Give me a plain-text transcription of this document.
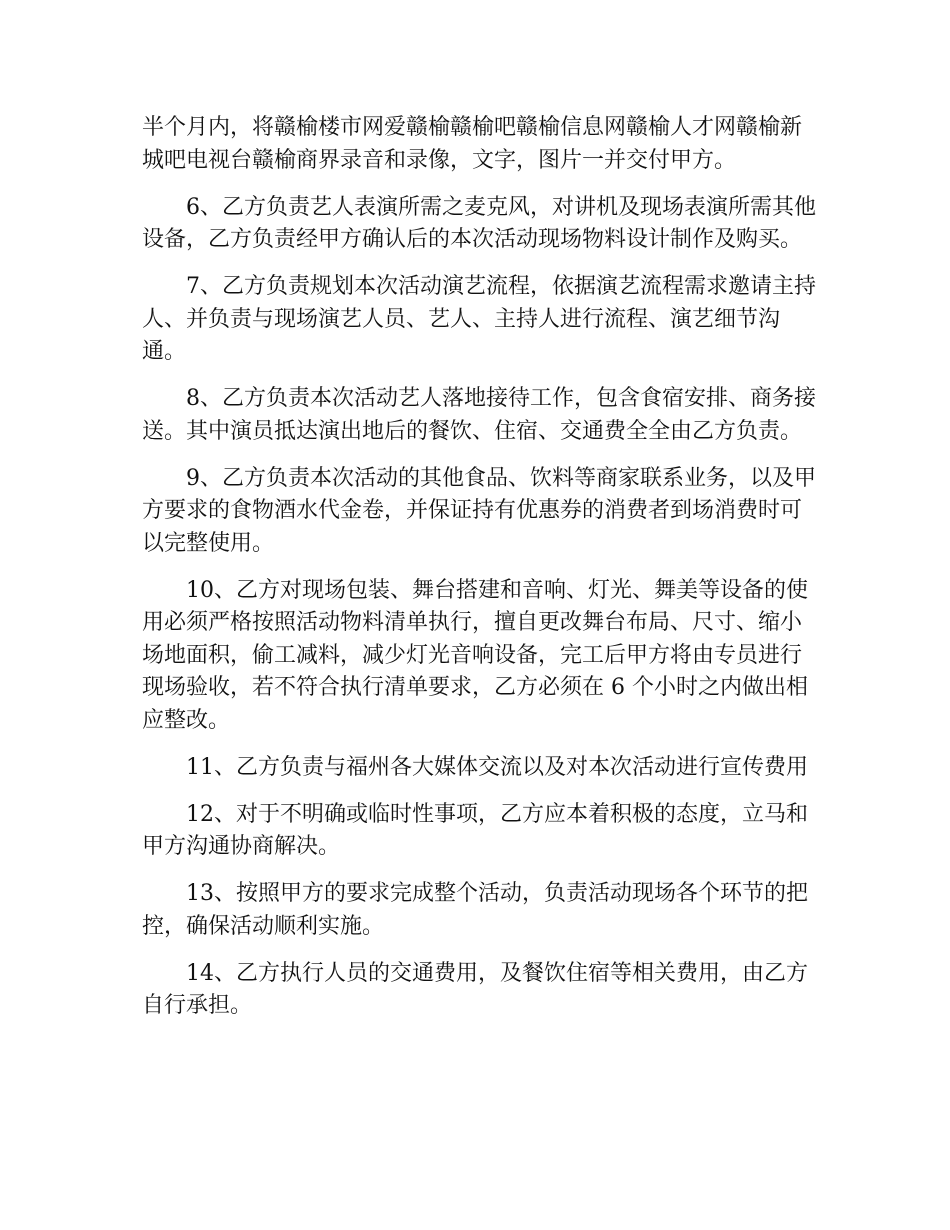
半个月内，将赣榆楼市网爱赣榆赣榆吧赣榆信息网赣榆人才网赣榆新城吧电视台赣榆商界录音和录像，文字，图片一并交付甲方。

6、乙方负责艺人表演所需之麦克风，对讲机及现场表演所需其他设备，乙方负责经甲方确认后的本次活动现场物料设计制作及购买。

7、乙方负责规划本次活动演艺流程，依据演艺流程需求邀请主持人、并负责与现场演艺人员、艺人、主持人进行流程、演艺细节沟通。

8、乙方负责本次活动艺人落地接待工作，包含食宿安排、商务接送。其中演员抵达演出地后的餐饮、住宿、交通费全全由乙方负责。

9、乙方负责本次活动的其他食品、饮料等商家联系业务，以及甲方要求的食物酒水代金卷，并保证持有优惠券的消费者到场消费时可以完整使用。

10、乙方对现场包装、舞台搭建和音响、灯光、舞美等设备的使用必须严格按照活动物料清单执行，擅自更改舞台布局、尺寸、缩小场地面积，偷工减料，减少灯光音响设备，完工后甲方将由专员进行现场验收，若不符合执行清单要求，乙方必须在 6 个小时之内做出相应整改。

11、乙方负责与福州各大媒体交流以及对本次活动进行宣传费用

12、对于不明确或临时性事项，乙方应本着积极的态度，立马和甲方沟通协商解决。

13、按照甲方的要求完成整个活动，负责活动现场各个环节的把控，确保活动顺利实施。

14、乙方执行人员的交通费用，及餐饮住宿等相关费用，由乙方自行承担。
